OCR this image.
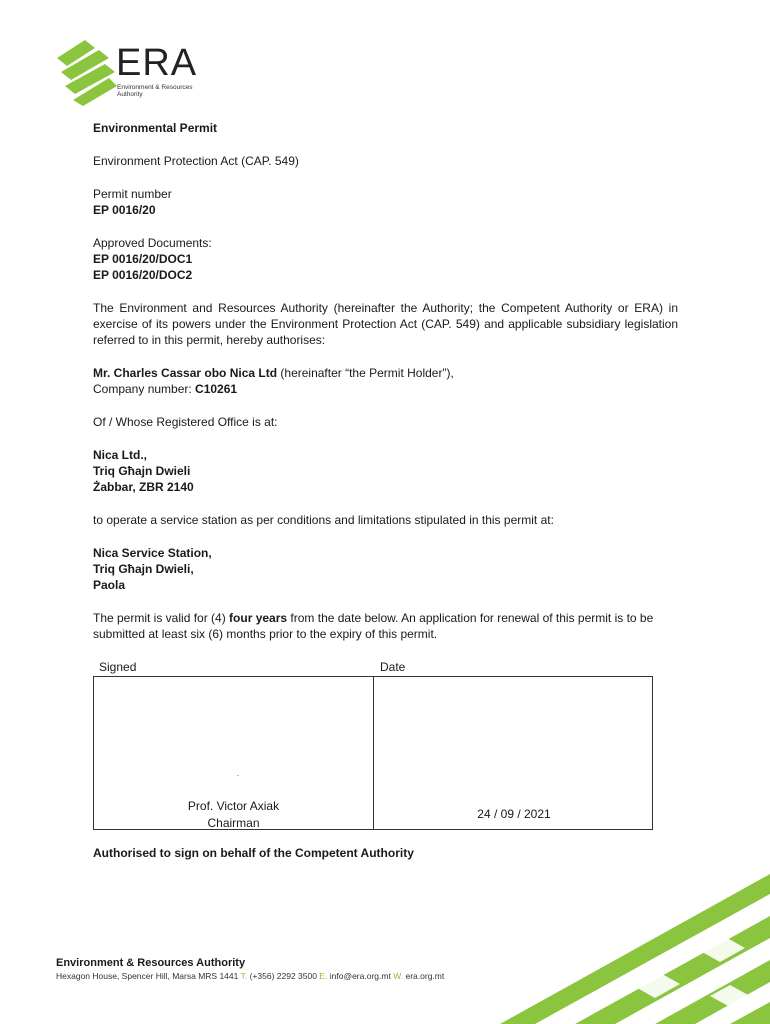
ERA
Environment & Resources
Authority
Environmental Permit
Environment Protection Act (CAP. 549)
Permit number
EP 0016/20
Approved Documents:
EP 0016/20/DOC1
EP 0016/20/DOC2
The Environment and Resources Authority (hereinafter the Authority; the Competent Authority or ERA) in exercise of its powers under the Environment Protection Act (CAP. 549) and applicable subsidiary legislation referred to in this permit, hereby authorises:
Mr. Charles Cassar obo Nica Ltd (hereinafter “the Permit Holder”),
Company number: C10261
Of / Whose Registered Office is at:
Nica Ltd.,
Triq Għajn Dwieli
Żabbar, ZBR 2140
to operate a service station as per conditions and limitations stipulated in this permit at:
Nica Service Station,
Triq Għajn Dwieli,
Paola
The permit is valid for (4) four years from the date below. An application for renewal of this permit is to be submitted at least six (6) months prior to the expiry of this permit.
Signed	Date
Prof. Victor Axiak
Chairman
24 / 09 / 2021
Authorised to sign on behalf of the Competent Authority
Environment & Resources Authority
Hexagon House, Spencer Hill, Marsa MRS 1441 T. (+356) 2292 3500 E. info@era.org.mt W. era.org.mt
